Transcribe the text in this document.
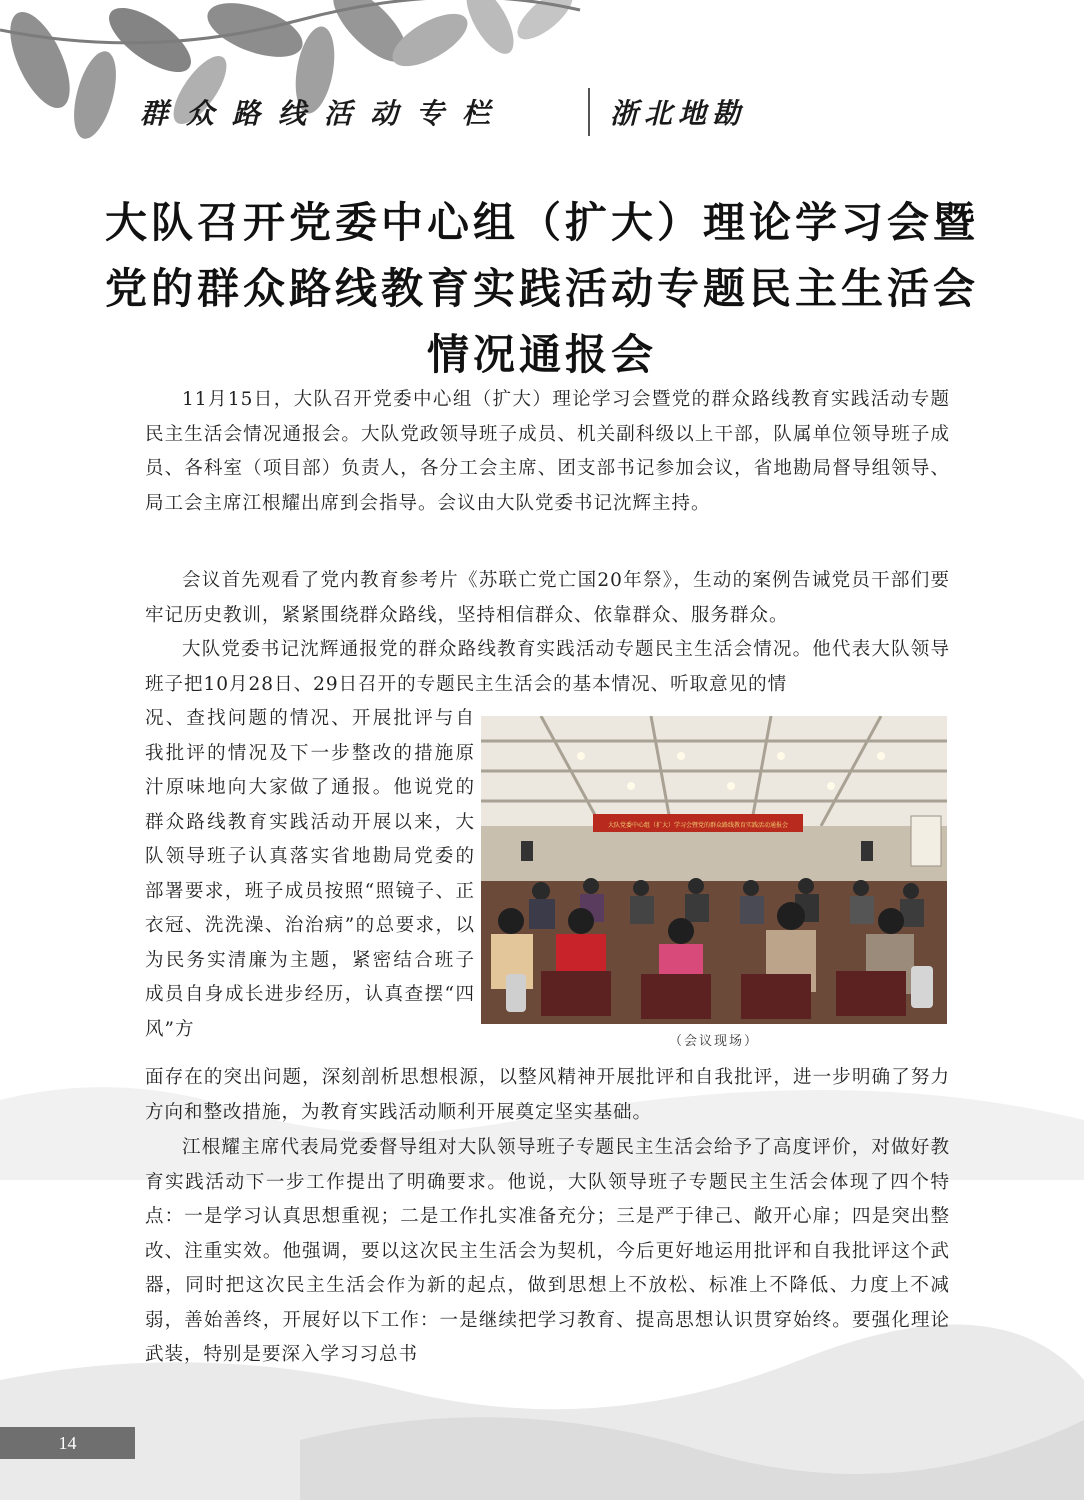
群众路线活动专栏	浙北地勘
大队召开党委中心组（扩大）理论学习会暨
党的群众路线教育实践活动专题民主生活会
情况通报会
11月15日，大队召开党委中心组（扩大）理论学习会暨党的群众路线教育实践活动专题民主生活会情况通报会。大队党政领导班子成员、机关副科级以上干部，队属单位领导班子成员、各科室（项目部）负责人，各分工会主席、团支部书记参加会议，省地勘局督导组领导、局工会主席江根耀出席到会指导。会议由大队党委书记沈辉主持。
会议首先观看了党内教育参考片《苏联亡党亡国20年祭》，生动的案例告诫党员干部们要牢记历史教训，紧紧围绕群众路线，坚持相信群众、依靠群众、服务群众。
大队党委书记沈辉通报党的群众路线教育实践活动专题民主生活会情况。他代表大队领导班子把10月28日、29日召开的专题民主生活会的基本情况、听取意见的情
况、查找问题的情况、开展批评与自我批评的情况及下一步整改的措施原汁原味地向大家做了通报。他说党的群众路线教育实践活动开展以来，大队领导班子认真落实省地勘局党委的部署要求，班子成员按照“照镜子、正衣冠、洗洗澡、治治病”的总要求，以为民务实清廉为主题，紧密结合班子成员自身成长进步经历，认真查摆“四风”方
大队党委中心组（扩大）学习会暨党的群众路线教育实践活动通报会
（会议现场）
面存在的突出问题，深刻剖析思想根源，以整风精神开展批评和自我批评，进一步明确了努力方向和整改措施，为教育实践活动顺利开展奠定坚实基础。
江根耀主席代表局党委督导组对大队领导班子专题民主生活会给予了高度评价，对做好教育实践活动下一步工作提出了明确要求。他说，大队领导班子专题民主生活会体现了四个特点：一是学习认真思想重视；二是工作扎实准备充分；三是严于律己、敞开心扉；四是突出整改、注重实效。他强调，要以这次民主生活会为契机，今后更好地运用批评和自我批评这个武器，同时把这次民主生活会作为新的起点，做到思想上不放松、标准上不降低、力度上不减弱，善始善终，开展好以下工作：一是继续把学习教育、提高思想认识贯穿始终。要强化理论武装，特别是要深入学习习总书
14
